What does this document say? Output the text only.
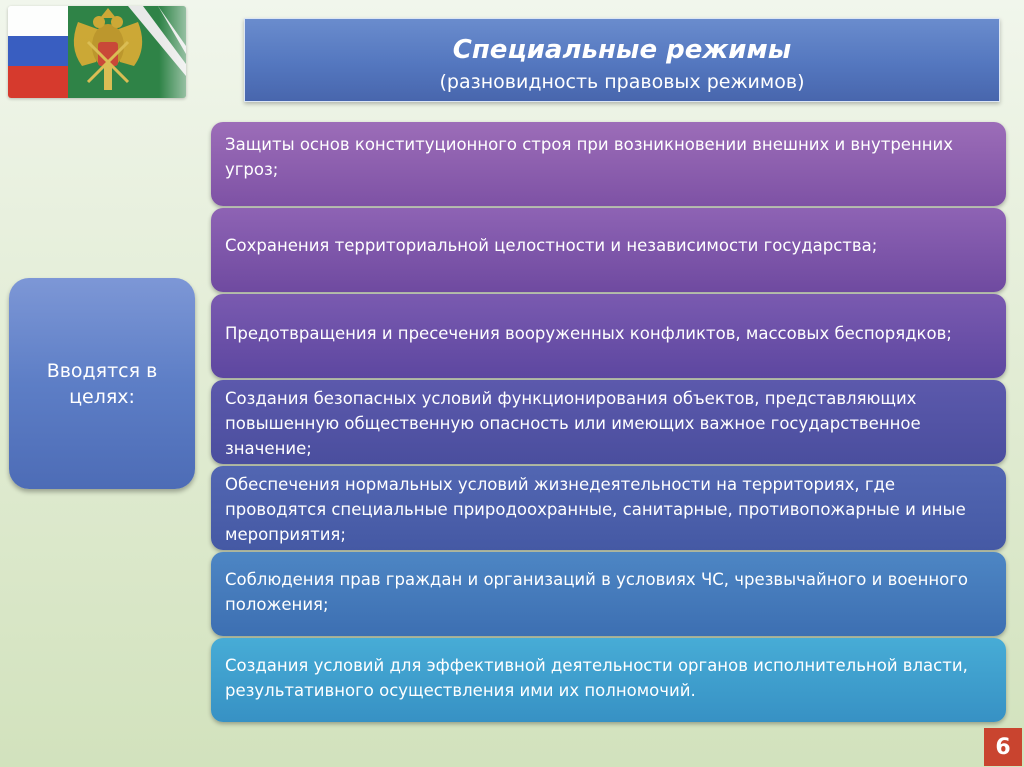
Специальные режимы
(разновидность правовых режимов)
Вводятся в целях:
Защиты основ конституционного строя при возникновении внешних и внутренних угроз;
Сохранения территориальной целостности и независимости государства;
Предотвращения и пресечения вооруженных конфликтов, массовых беспорядков;
Создания безопасных условий функционирования объектов, представляющих повышенную общественную опасность или имеющих важное государственное значение;
Обеспечения нормальных условий жизнедеятельности на территориях, где проводятся специальные природоохранные, санитарные, противопожарные и иные мероприятия;
Соблюдения прав граждан и организаций в условиях ЧС, чрезвычайного и военного положения;
Создания условий для эффективной деятельности органов исполнительной власти, результативного осуществления ими их полномочий.
6
